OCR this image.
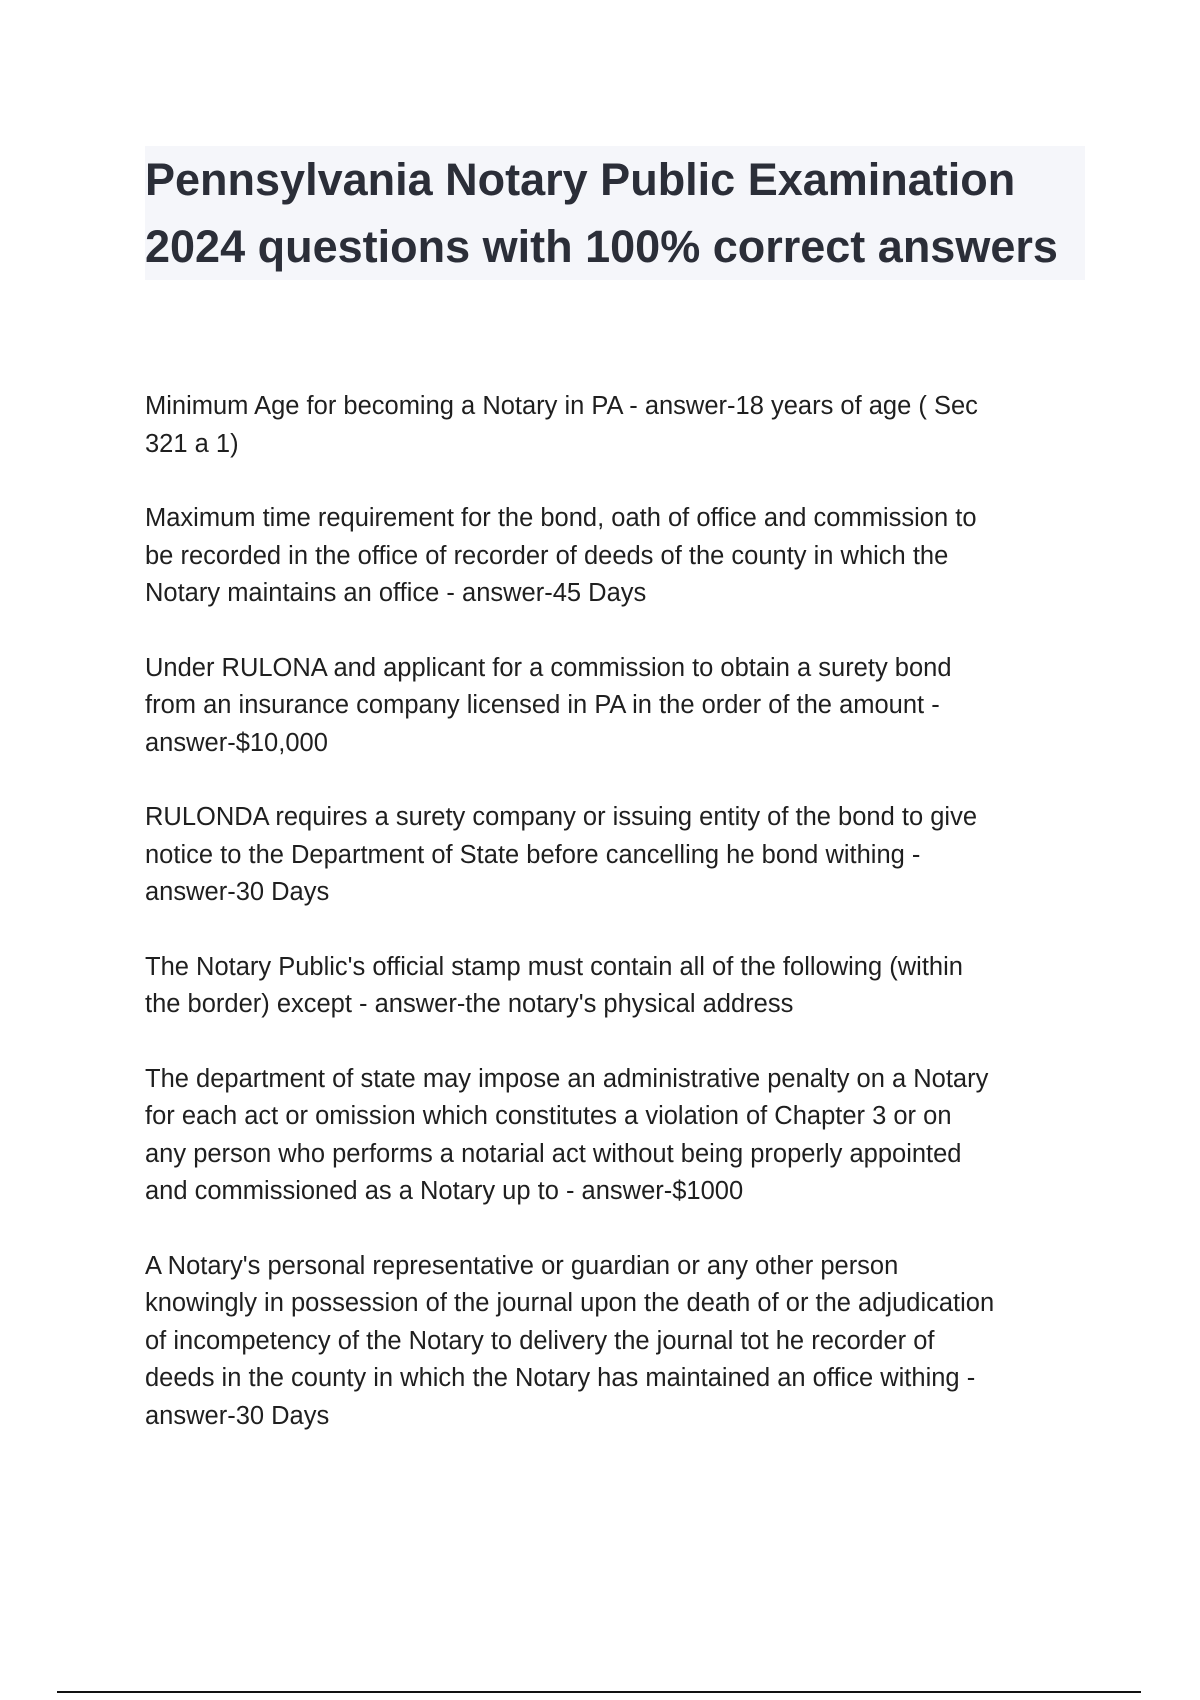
Pennsylvania Notary Public Examination
2024 questions with 100% correct answers

Minimum Age for becoming a Notary in PA - answer-18 years of age ( Sec
321 a 1)

Maximum time requirement for the bond, oath of office and commission to
be recorded in the office of recorder of deeds of the county in which the
Notary maintains an office - answer-45 Days

Under RULONA and applicant for a commission to obtain a surety bond
from an insurance company licensed in PA in the order of the amount -
answer-$10,000

RULONDA requires a surety company or issuing entity of the bond to give
notice to the Department of State before cancelling he bond withing -
answer-30 Days

The Notary Public's official stamp must contain all of the following (within
the border) except - answer-the notary's physical address

The department of state may impose an administrative penalty on a Notary
for each act or omission which constitutes a violation of Chapter 3 or on
any person who performs a notarial act without being properly appointed
and commissioned as a Notary up to - answer-$1000

A Notary's personal representative or guardian or any other person
knowingly in possession of the journal upon the death of or the adjudication
of incompetency of the Notary to delivery the journal tot he recorder of
deeds in the county in which the Notary has maintained an office withing -
answer-30 Days
